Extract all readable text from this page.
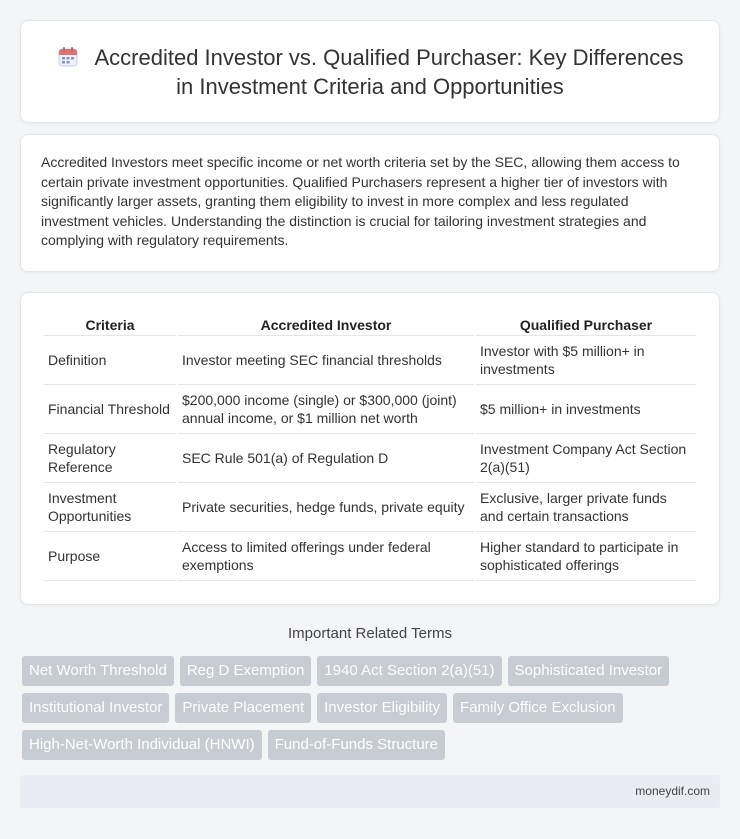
Accredited Investor vs. Qualified Purchaser: Key Differences in Investment Criteria and Opportunities

Accredited Investors meet specific income or net worth criteria set by the SEC, allowing them access to certain private investment opportunities. Qualified Purchasers represent a higher tier of investors with significantly larger assets, granting them eligibility to invest in more complex and less regulated investment vehicles. Understanding the distinction is crucial for tailoring investment strategies and complying with regulatory requirements.

Criteria	Accredited Investor	Qualified Purchaser
Definition	Investor meeting SEC financial thresholds	Investor with $5 million+ in investments
Financial Threshold	$200,000 income (single) or $300,000 (joint) annual income, or $1 million net worth	$5 million+ in investments
Regulatory Reference	SEC Rule 501(a) of Regulation D	Investment Company Act Section 2(a)(51)
Investment Opportunities	Private securities, hedge funds, private equity	Exclusive, larger private funds and certain transactions
Purpose	Access to limited offerings under federal exemptions	Higher standard to participate in sophisticated offerings
Important Related Terms
Net Worth Threshold	Reg D Exemption	1940 Act Section 2(a)(51)	Sophisticated Investor
Institutional Investor	Private Placement	Investor Eligibility	Family Office Exclusion
High-Net-Worth Individual (HNWI)	Fund-of-Funds Structure
moneydif.com
